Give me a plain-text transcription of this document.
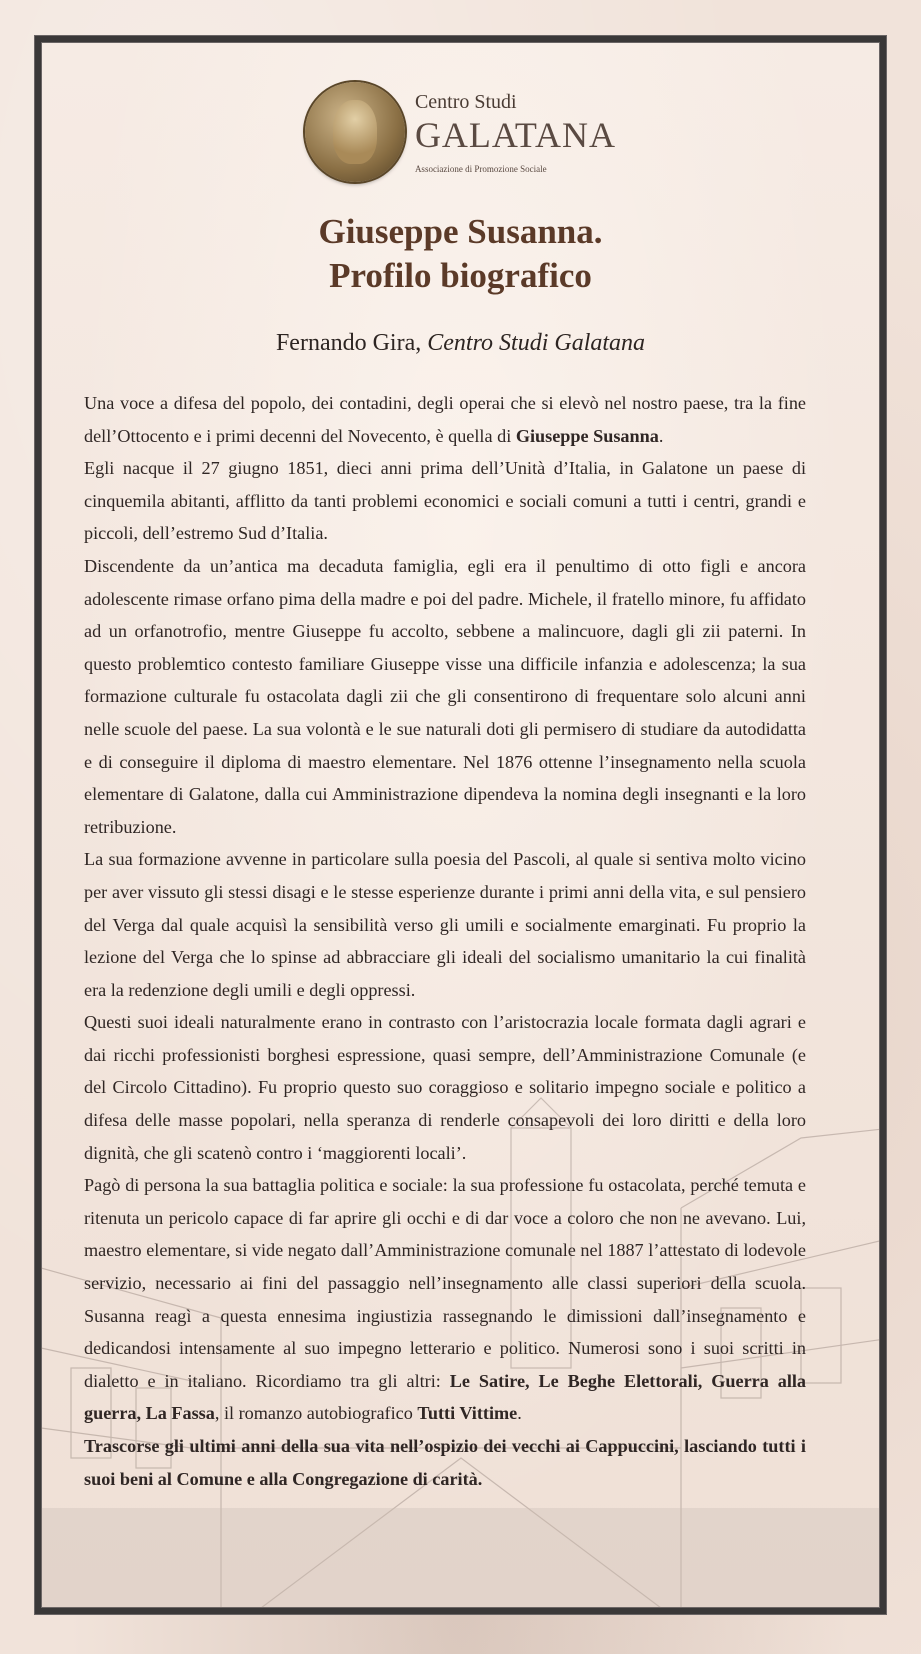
Centro Studi
GALATANA
Associazione di Promozione Sociale
Giuseppe Susanna.
Profilo biografico
Fernando Gira, Centro Studi Galatana

Una voce a difesa del popolo, dei contadini, degli operai che si elevò nel nostro paese, tra la fine dell’Ottocento e i primi decenni del Novecento, è quella di Giuseppe Susanna.

Egli nacque il 27 giugno 1851, dieci anni prima dell’Unità d’Italia, in Galatone un paese di cinquemila abitanti, afflitto da tanti problemi economici e sociali comuni a tutti i centri, grandi e piccoli, dell’estremo Sud d’Italia.

Discendente da un’antica ma decaduta famiglia, egli era il penultimo di otto figli e ancora adolescente rimase orfano pima della madre e poi del padre. Michele, il fratello minore, fu affidato ad un orfanotrofio, mentre Giuseppe fu accolto, sebbene a malincuore, dagli gli zii paterni. In questo problemtico contesto familiare Giuseppe visse una difficile infanzia e adolescenza; la sua formazione culturale fu ostacolata dagli zii che gli consentirono di frequentare solo alcuni anni nelle scuole del paese. La sua volontà e le sue naturali doti gli permisero di studiare da autodidatta e di conseguire il diploma di maestro elementare. Nel 1876 ottenne l’insegnamento nella scuola elementare di Galatone, dalla cui Amministrazione dipendeva la nomina degli insegnanti e la loro retribuzione.

La sua formazione avvenne in particolare sulla poesia del Pascoli, al quale si sentiva molto vicino per aver vissuto gli stessi disagi e le stesse esperienze durante i primi anni della vita, e sul pensiero del Verga dal quale acquisì la sensibilità verso gli umili e socialmente emarginati. Fu proprio la lezione del Verga che lo spinse ad abbracciare gli ideali del socialismo umanitario la cui finalità era la redenzione degli umili e degli oppressi.

Questi suoi ideali naturalmente erano in contrasto con l’aristocrazia locale formata dagli agrari e dai ricchi professionisti borghesi espressione, quasi sempre, dell’Amministrazione Comunale (e del Circolo Cittadino). Fu proprio questo suo coraggioso e solitario impegno sociale e politico a difesa delle masse popolari, nella speranza di renderle consapevoli dei loro diritti e della loro dignità, che gli scatenò contro i ‘maggiorenti locali’.

Pagò di persona la sua battaglia politica e sociale: la sua professione fu ostacolata, perché temuta e ritenuta un pericolo capace di far aprire gli occhi e di dar voce a coloro che non ne avevano. Lui, maestro elementare, si vide negato dall’Amministrazione comunale nel 1887 l’attestato di lodevole servizio, necessario ai fini del passaggio nell’insegnamento alle classi superiori della scuola. Susanna reagì a questa ennesima ingiustizia rassegnando le dimissioni dall’insegnamento e dedicandosi intensamente al suo impegno letterario e politico. Numerosi sono i suoi scritti in dialetto e in italiano. Ricordiamo tra gli altri: Le Satire, Le Beghe Elettorali, Guerra alla guerra, La Fassa, il romanzo autobiografico Tutti Vittime.

Trascorse gli ultimi anni della sua vita nell’ospizio dei vecchi ai Cappuccini, lasciando tutti i suoi beni al Comune e alla Congregazione di carità.
